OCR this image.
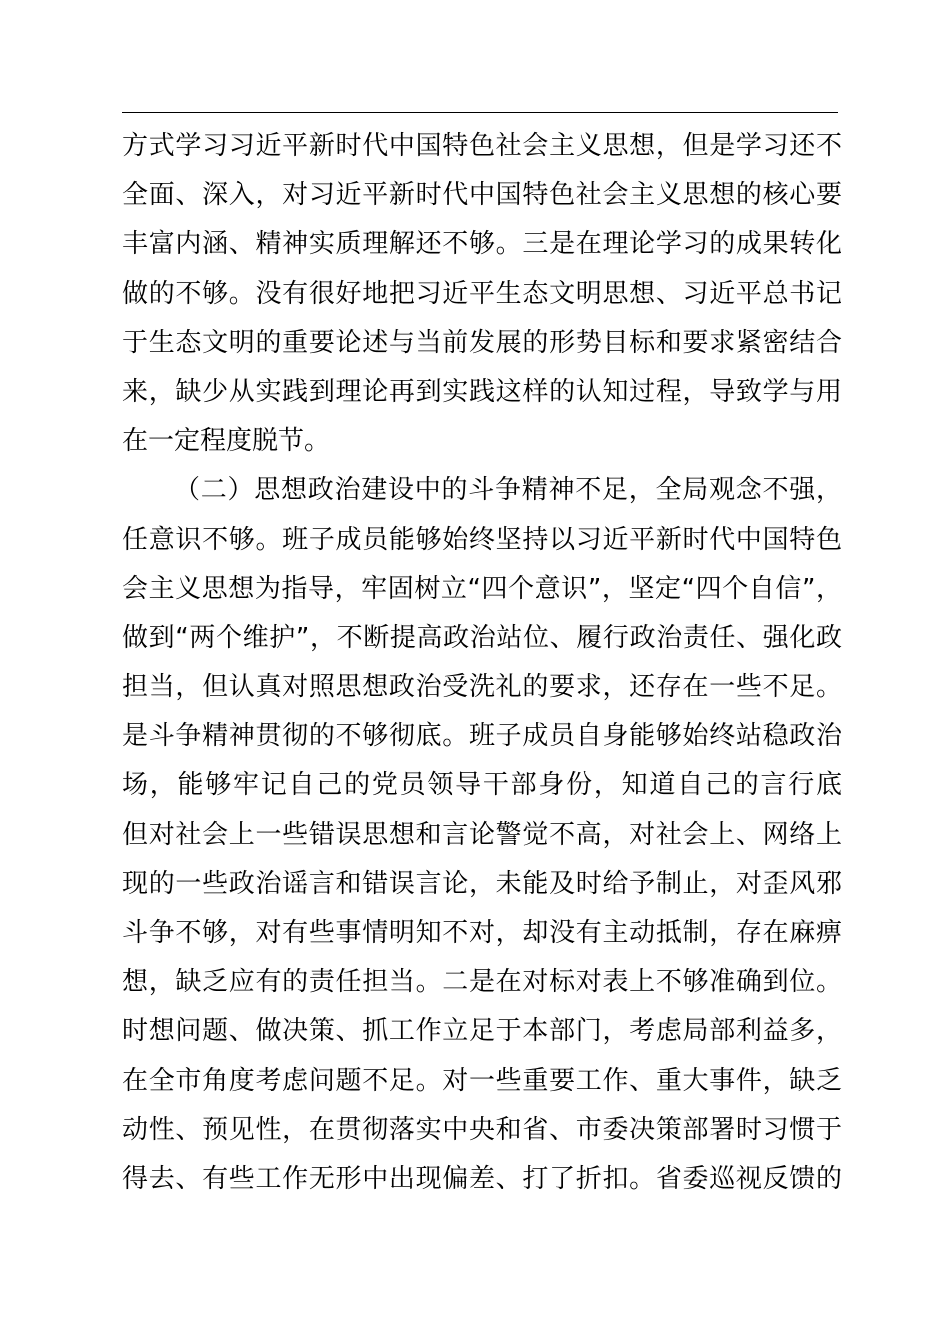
方式学习习近平新时代中国特色社会主义思想，但是学习还不
全面、深入，对习近平新时代中国特色社会主义思想的核心要
丰富内涵、精神实质理解还不够。三是在理论学习的成果转化
做的不够。没有很好地把习近平生态文明思想、习近平总书记
于生态文明的重要论述与当前发展的形势目标和要求紧密结合
来，缺少从实践到理论再到实践这样的认知过程，导致学与用
在一定程度脱节。
（二）思想政治建设中的斗争精神不足，全局观念不强，
任意识不够。班子成员能够始终坚持以习近平新时代中国特色
会主义思想为指导，牢固树立“四个意识”，坚定“四个自信”，
做到“两个维护”，不断提高政治站位、履行政治责任、强化政
担当，但认真对照思想政治受洗礼的要求，还存在一些不足。
是斗争精神贯彻的不够彻底。班子成员自身能够始终站稳政治
场，能够牢记自己的党员领导干部身份，知道自己的言行底
但对社会上一些错误思想和言论警觉不高，对社会上、网络上
现的一些政治谣言和错误言论，未能及时给予制止，对歪风邪
斗争不够，对有些事情明知不对，却没有主动抵制，存在麻痹
想，缺乏应有的责任担当。二是在对标对表上不够准确到位。
时想问题、做决策、抓工作立足于本部门，考虑局部利益多，
在全市角度考虑问题不足。对一些重要工作、重大事件，缺乏
动性、预见性，在贯彻落实中央和省、市委决策部署时习惯于
得去、有些工作无形中出现偏差、打了折扣。省委巡视反馈的
